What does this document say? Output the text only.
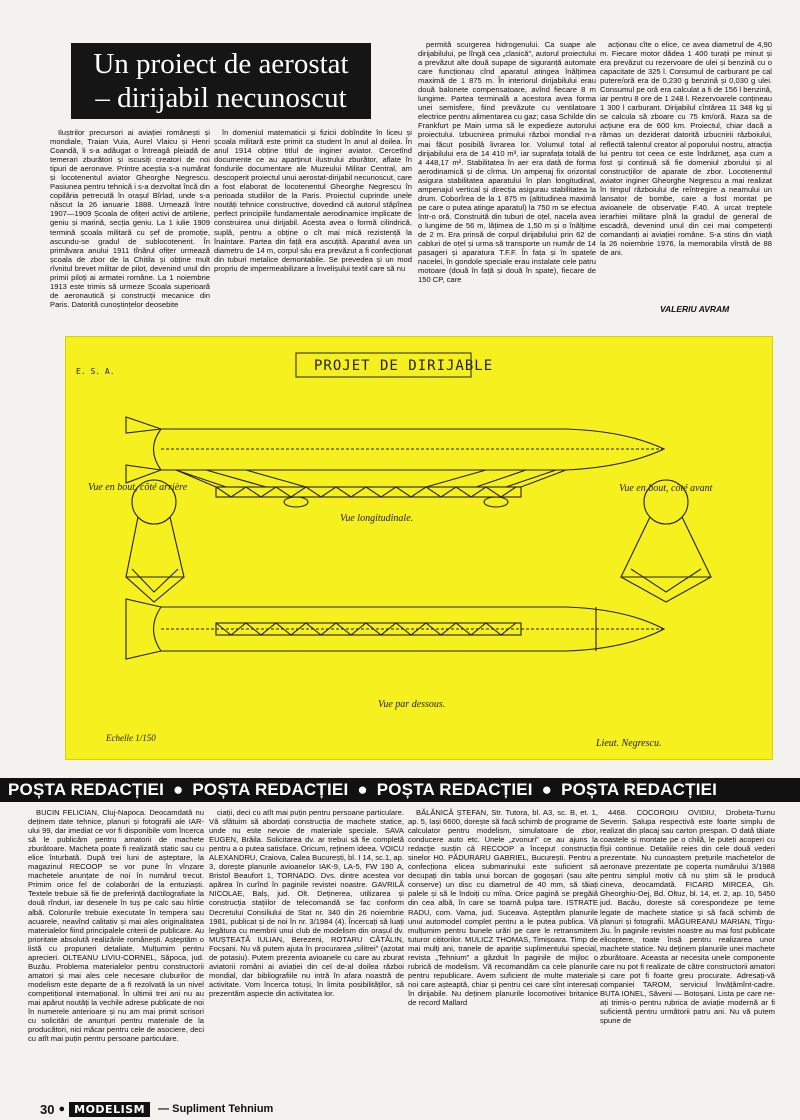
Un proiect de aerostat
– dirijabil necunoscut

Iluștrilor precursori ai aviației românești și mondiale, Traian Vuia, Aurel Vlaicu și Henri Coandă, li s-a adăugat o întreagă pleiadă de temerari zburători și iscusiți creatori de noi tipuri de aeronave. Printre aceștia s-a numărat și locotenentul aviator Gheorghe Negrescu. Pasiunea pentru tehnică i s-a dezvoltat încă din copilăria petrecută în orașul Bîrlad, unde s-a născut la 26 ianuarie 1888. Urmează între 1907—1909 Școala de ofițeri activi de artilerie, geniu și marină, secția geniu. La 1 iulie 1909 termină școala militară cu șef de promoție, ascundu-se gradul de sublocotenent. În primăvara anului 1911 tînărul ofițer urmează școala de zbor de la Chitila și obține mult rîvnitul brevet militar de pilot, devenind unul din primii piloți ai armatei române. La 1 noiembrie 1913 este trimis să urmeze Școala superioară de aeronautică și construcții mecanice din Paris. Datorită cunoștințelor deosebite

în domeniul matematicii și fizicii dobîndite în liceu și școala militară este primit ca student în anul al doilea. În anul 1914 obține titlul de inginer aviator. Cercetînd documente ce au aparținut ilustrului zburător, aflate în fondurile documentare ale Muzeului Militar Central, am descoperit proiectul unui aerostat-dirijabil necunoscut, care a fost elaborat de locotenentul Gheorghe Negrescu în perioada studiilor de la Paris. Proiectul cuprinde unele noutăți tehnice constructive, dovedind că autorul stăpînea perfect principiile fundamentale aerodinamice implicate de construirea unui dirijabil. Acesta avea o formă cilindrică, suplă, pentru a obține o cît mai mică rezistență la înaintare. Partea din față era ascuțită. Aparatul avea un diametru de 14 m, corpul său era prevăzut a fi confecționat din tuburi metalice demontabile. Se prevedea și un mod propriu de impermeabilizare a învelișului textil care să nu

permită scurgerea hidrogenului. Ca suape ale dirijabilului, pe lîngă cea „clasică”, autorul proiectului a prevăzut alte două supape de siguranță automate care funcționau cînd aparatul atingea înălțimea maximă de 1 875 m. În interiorul dirijabilului erau două balonete compensatoare, avînd fiecare 8 m lungime. Partea terminală a acestora avea forma unei semisfere, fiind prevăzute cu ventilatoare electrice pentru alimentarea cu gaz; casa Schilde din Frankfurt pe Main urma să le expedieze autorului proiectului. Izbucnirea primului război mondial n-a mai făcut posibilă livrarea lor. Volumul total al dirijabilului era de 14 410 m³, iar suprafața totală de 4 448,17 m². Stabilitatea în aer era dată de forma aerodinamică și de cîrma. Un ampenaj fix orizontal asigura stabilitatea aparatului în plan longitudinal, ampenajul vertical și direcția asigurau stabilitatea la drum. Coborîrea de la 1 875 m (altitudinea maximă pe care o putea atinge aparatul) la 750 m se efectua într-o oră. Construită din tuburi de oțel, nacela avea o lungime de 56 m, lățimea de 1,50 m și o înălțime de 2 m. Era prinsă de corpul dirijabilului prin 62 de cabluri de oțel și urma să transporte un număr de 14 pasageri și aparatura T.F.F. În fața și în spatele nacelei, în gondole speciale erau instalate cele patru motoare (două în față și două în spate), fiecare de 150 CP, care

acționau cîte o elice, ce avea diametrul de 4,90 m. Fiecare motor dădea 1 400 turații pe minut și era prevăzut cu rezervoare de ulei și benzină cu o capacitate de 325 l. Consumul de carburant pe cal putere/oră era de 0,230 g benzină și 0,030 g ulei. Consumul pe oră era calculat a fi de 156 l benzină, iar pentru 8 ore de 1 248 l. Rezervoarele conțineau 1 300 l carburant. Dirijabilul cîntărea 11 348 kg și se calcula să zboare cu 75 km/oră. Raza sa de acțiune era de 600 km. Proiectul, chiar dacă a rămas un deziderat datorită izbucnirii războiului, reflectă talentul creator al poporului nostru, atracția lui pentru tot ceea ce este îndrăzneț, așa cum a fost și continuă să fie domeniul zborului și al construcțiilor de aparate de zbor. Locotenentul aviator inginer Gheorghe Negrescu a mai realizat în timpul războiului de reîntregire a neamului un lansator de bombe, care a fost montat pe avioanele de observație F.40. A urcat treptele ierarhiei militare pînă la gradul de general de escadră, devenind unul din cei mai competenți comandanți ai aviației române. S-a stins din viață la 26 noiembrie 1976, la memorabila vîrstă de 88 de ani.

VALERIU AVRAM
E. S. A.	PROJET DE DIRIJABLE
Vue en bout, côté arrière	Vue en bout, côté avant
Vue longitudinale.
Vue par dessous.
Echelle 1/150	Lieut. Negrescu.
POȘTA REDACȚIEI ● POȘTA REDACȚIEI ● POȘTA REDACȚIEI ● POȘTA REDACȚIEI

BUCIN FELICIAN, Cluj-Napoca. Deocamdată nu deținem date tehnice, planuri și fotografii ale IAR-ului 99, dar imediat ce vor fi disponibile vom încerca să le publicăm pentru amatorii de machete zburătoare. Macheta poate fi realizată static sau cu elice înturbată. După trei luni de așteptare, la magazinul RECOOP se vor pune în vînzare machetele anunțate de noi în numărul trecut. Primim orice fel de colaborări de la entuziaști. Textele trebuie să fie de preferință dactilografiate la două rînduri, iar desenele în tuș pe calc sau hîrtie albă. Colorurile trebuie executate în tempera sau acuarele, neavînd calitativ și mai ales originalitatea materialelor fiind principalele criterii de publicare. Au prioritate absolută realizările românești. Așteptăm o listă cu propuneri detaliate. Mulțumim pentru aprecieri. OLTEANU LIVIU-CORNEL, Săpoca, jud. Buzău. Problema materialelor pentru constructorii amatori și mai ales cele necesare cluburilor de modelism este departe de a fi rezolvată la un nivel competițional internațional. În ultimii trei ani nu au mai apărut noutăți la vechile adrese publicate de noi în numerele anterioare și nu am mai primit scrisori cu solicitări de anunțuri pentru materiale de la producători, nici măcar pentru cele de asociere, deci cu atît mai puțin pentru persoane particulare.

ciații, deci cu atît mai puțin pentru persoane particulare. Vă sfătuim să abordați construcția de machete statice, unde nu este nevoie de materiale speciale. SAVA EUGEN, Brăila. Solicitarea dv. ar trebui să fie completă pentru a o putea satisface. Oricum, reținem ideea. VOICU ALEXANDRU, Craiova, Calea București, bl. I 14, sc.1, ap. 3, dorește planurile avioanelor IAK-9, LA-5, FW 190 A, Bristol Beaufort 1, TORNADO. Dvs. dintre acestea vor apărea în curînd în paginile revistei noastre. GAVRILĂ NICOLAE, Balș, jud. Olt. Deținerea, utilizarea și construcția stațiilor de telecomandă se fac conform Decretului Consiliului de Stat nr. 340 din 26 noiembrie 1981, publicat și de noi în nr. 3/1984 (4). Încercați să luați legătura cu membrii unui club de modelism din orașul dv. MUȘTEAȚĂ IULIAN, Berezeni, ROTARU CĂTĂLIN, Focșani. Nu vă putem ajuta în procurarea „silitrei” (azotat de potasiu). Putem prezenta avioanele cu care au zburat aviatorii români ai aviației din cel de-al doilea război mondial, dar bibliografiile nu intră în afara noastră de activitate. Vom încerca totuși, în limita posibilităților, să prezentăm aspecte din activitatea lor.

BĂLĂNICĂ ȘTEFAN, Str. Tutora, bl. A3, sc. B, et. 1, ap. 5, Iași 6600, dorește să facă schimb de programe de calculator pentru modelism, simulatoare de zbor, conducere auto etc. Unele „zvonuri” ce au ajuns la redacție susțin că RECOOP a început construcția sinelor H0. PĂDURARU GABRIEL, București. Pentru a confecționa elicea submarinului este suficient să decupați din tabla unui borcan de gogoșari (sau alte conserve) un disc cu diametrul de 40 mm, să tăiați palele și să le îndoiți cu mîna. Orice pagină se pregăiă din cea albă, în care se toarnă pulpa tare. ISTRATE RADU, com. Vama, jud. Suceava. Așteptăm planurile unui automodel complet pentru a le putea publica. Vă mulțumim pentru bunele urări pe care le retransmitem tuturor cititorilor. MULICZ THOMAS, Timișoara. Timp de mai mulți ani, tranele de apariție suplimentului special, revista „Tehnium” a găzduit în paginile de mijloc o rubrică de modelism. Vă recomandăm ca cele planurile pentru republicare. Avem suficient de multe materiale noi care așteaptă, chiar și pentru cei care sînt interesați în dirijabile. Nu deținem planurile locomotivei britanice de record Mallard

4468. COCOROIU OVIDIU, Drobeta-Turnu Severin. Șalupa respectivă este foarte simplu de realizat din placaj sau carton prespan. O dată tăiate coastele și montate pe o chilă, le puteți acoperi cu fîșii continue. Detaliile reies din cele două vederi prezentate. Nu cunoaștem prețurile machetelor de aeronave prezentate pe coperta numărului 3/1988 pentru simplul motiv că nu știm să le producă cineva, deocamdată. FICARD MIRCEA, Gh. Gheorghiu-Dej, Bd. Oltuz, bl. 14, et. 2, ap. 10, 5450 jud. Bacău, dorește să corespondeze pe teme legate de machete statice și să facă schimb de planuri și fotografii. MĂGUREANU MARIAN, Tîrgu-Jiu. În paginile revistei noastre au mai fost publicate elicoptere, toate însă pentru realizarea unor machete statice. Nu deținem planurile unei machete zburătoare. Aceasta ar necesita unele componente care nu pot fi realizate de către constructorii amatori și care pot fi foarte greu procurate. Adresați-vă companiei TAROM, serviciul învățămînt-cadre. BUTA IONEL, Săveni — Botoșani. Lista pe care ne-ați trimis-o pentru rubrica de aviație modernă ar fi suficientă pentru următorii patru ani. Nu vă putem spune de

30 ● MODELISM	— Supliment Tehnium
